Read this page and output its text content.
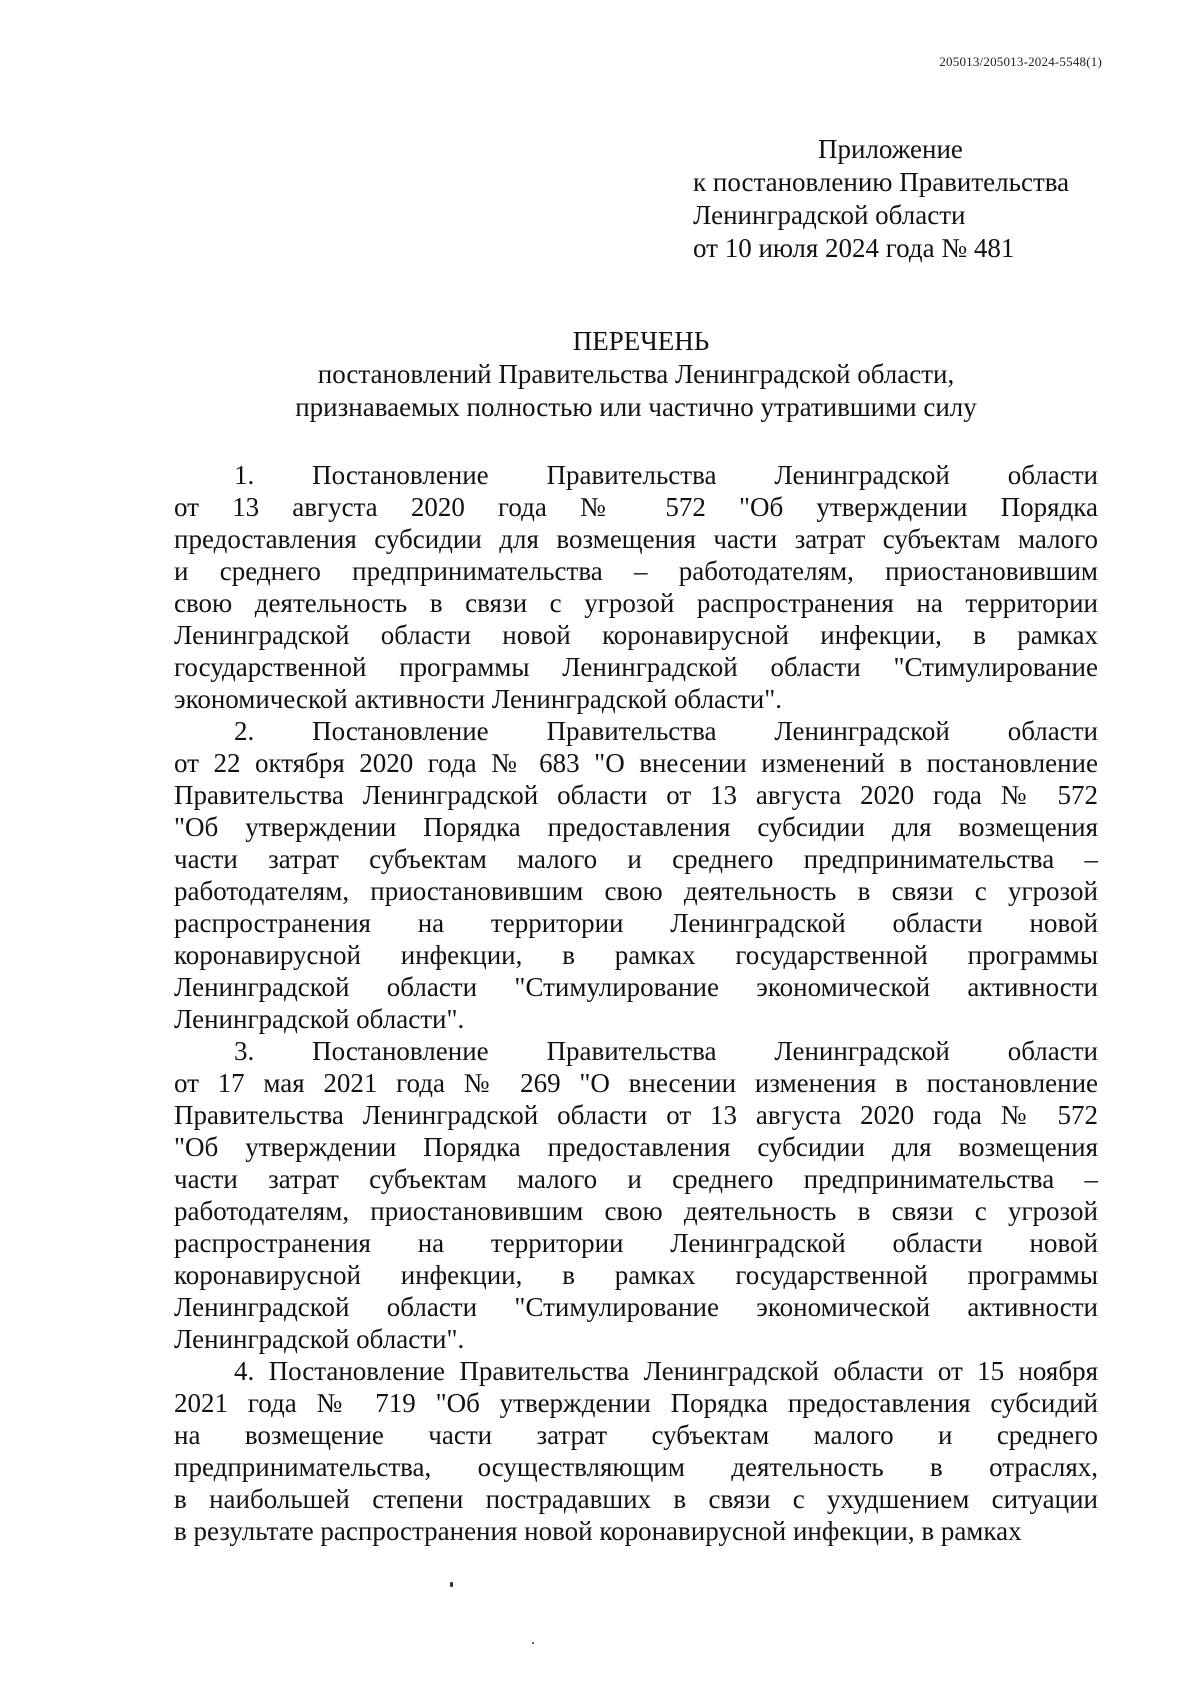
205013/205013-2024-5548(1)
Приложение
к постановлению Правительства
Ленинградской области
от 10 июля 2024 года № 481
ПЕРЕЧЕНЬ
постановлений Правительства Ленинградской области,
признаваемых полностью или частично утратившими силу
1. Постановление Правительства Ленинградской области
от 13 августа 2020 года № 572 "Об утверждении Порядка
предоставления субсидии для возмещения части затрат субъектам малого
и среднего предпринимательства – работодателям, приостановившим
свою деятельность в связи с угрозой распространения на территории
Ленинградской области новой коронавирусной инфекции, в рамках
государственной программы Ленинградской области "Стимулирование
экономической активности Ленинградской области".
2. Постановление Правительства Ленинградской области
от 22 октября 2020 года № 683 "О внесении изменений в постановление
Правительства Ленинградской области от 13 августа 2020 года № 572
"Об утверждении Порядка предоставления субсидии для возмещения
части затрат субъектам малого и среднего предпринимательства –
работодателям, приостановившим свою деятельность в связи с угрозой
распространения на территории Ленинградской области новой
коронавирусной инфекции, в рамках государственной программы
Ленинградской области "Стимулирование экономической активности
Ленинградской области".
3. Постановление Правительства Ленинградской области
от 17 мая 2021 года № 269 "О внесении изменения в постановление
Правительства Ленинградской области от 13 августа 2020 года № 572
"Об утверждении Порядка предоставления субсидии для возмещения
части затрат субъектам малого и среднего предпринимательства –
работодателям, приостановившим свою деятельность в связи с угрозой
распространения на территории Ленинградской области новой
коронавирусной инфекции, в рамках государственной программы
Ленинградской области "Стимулирование экономической активности
Ленинградской области".
4. Постановление Правительства Ленинградской области от 15 ноября
2021 года № 719 "Об утверждении Порядка предоставления субсидий
на возмещение части затрат субъектам малого и среднего
предпринимательства, осуществляющим деятельность в отраслях,
в наибольшей степени пострадавших в связи с ухудшением ситуации
в результате распространения новой коронавирусной инфекции, в рамках
